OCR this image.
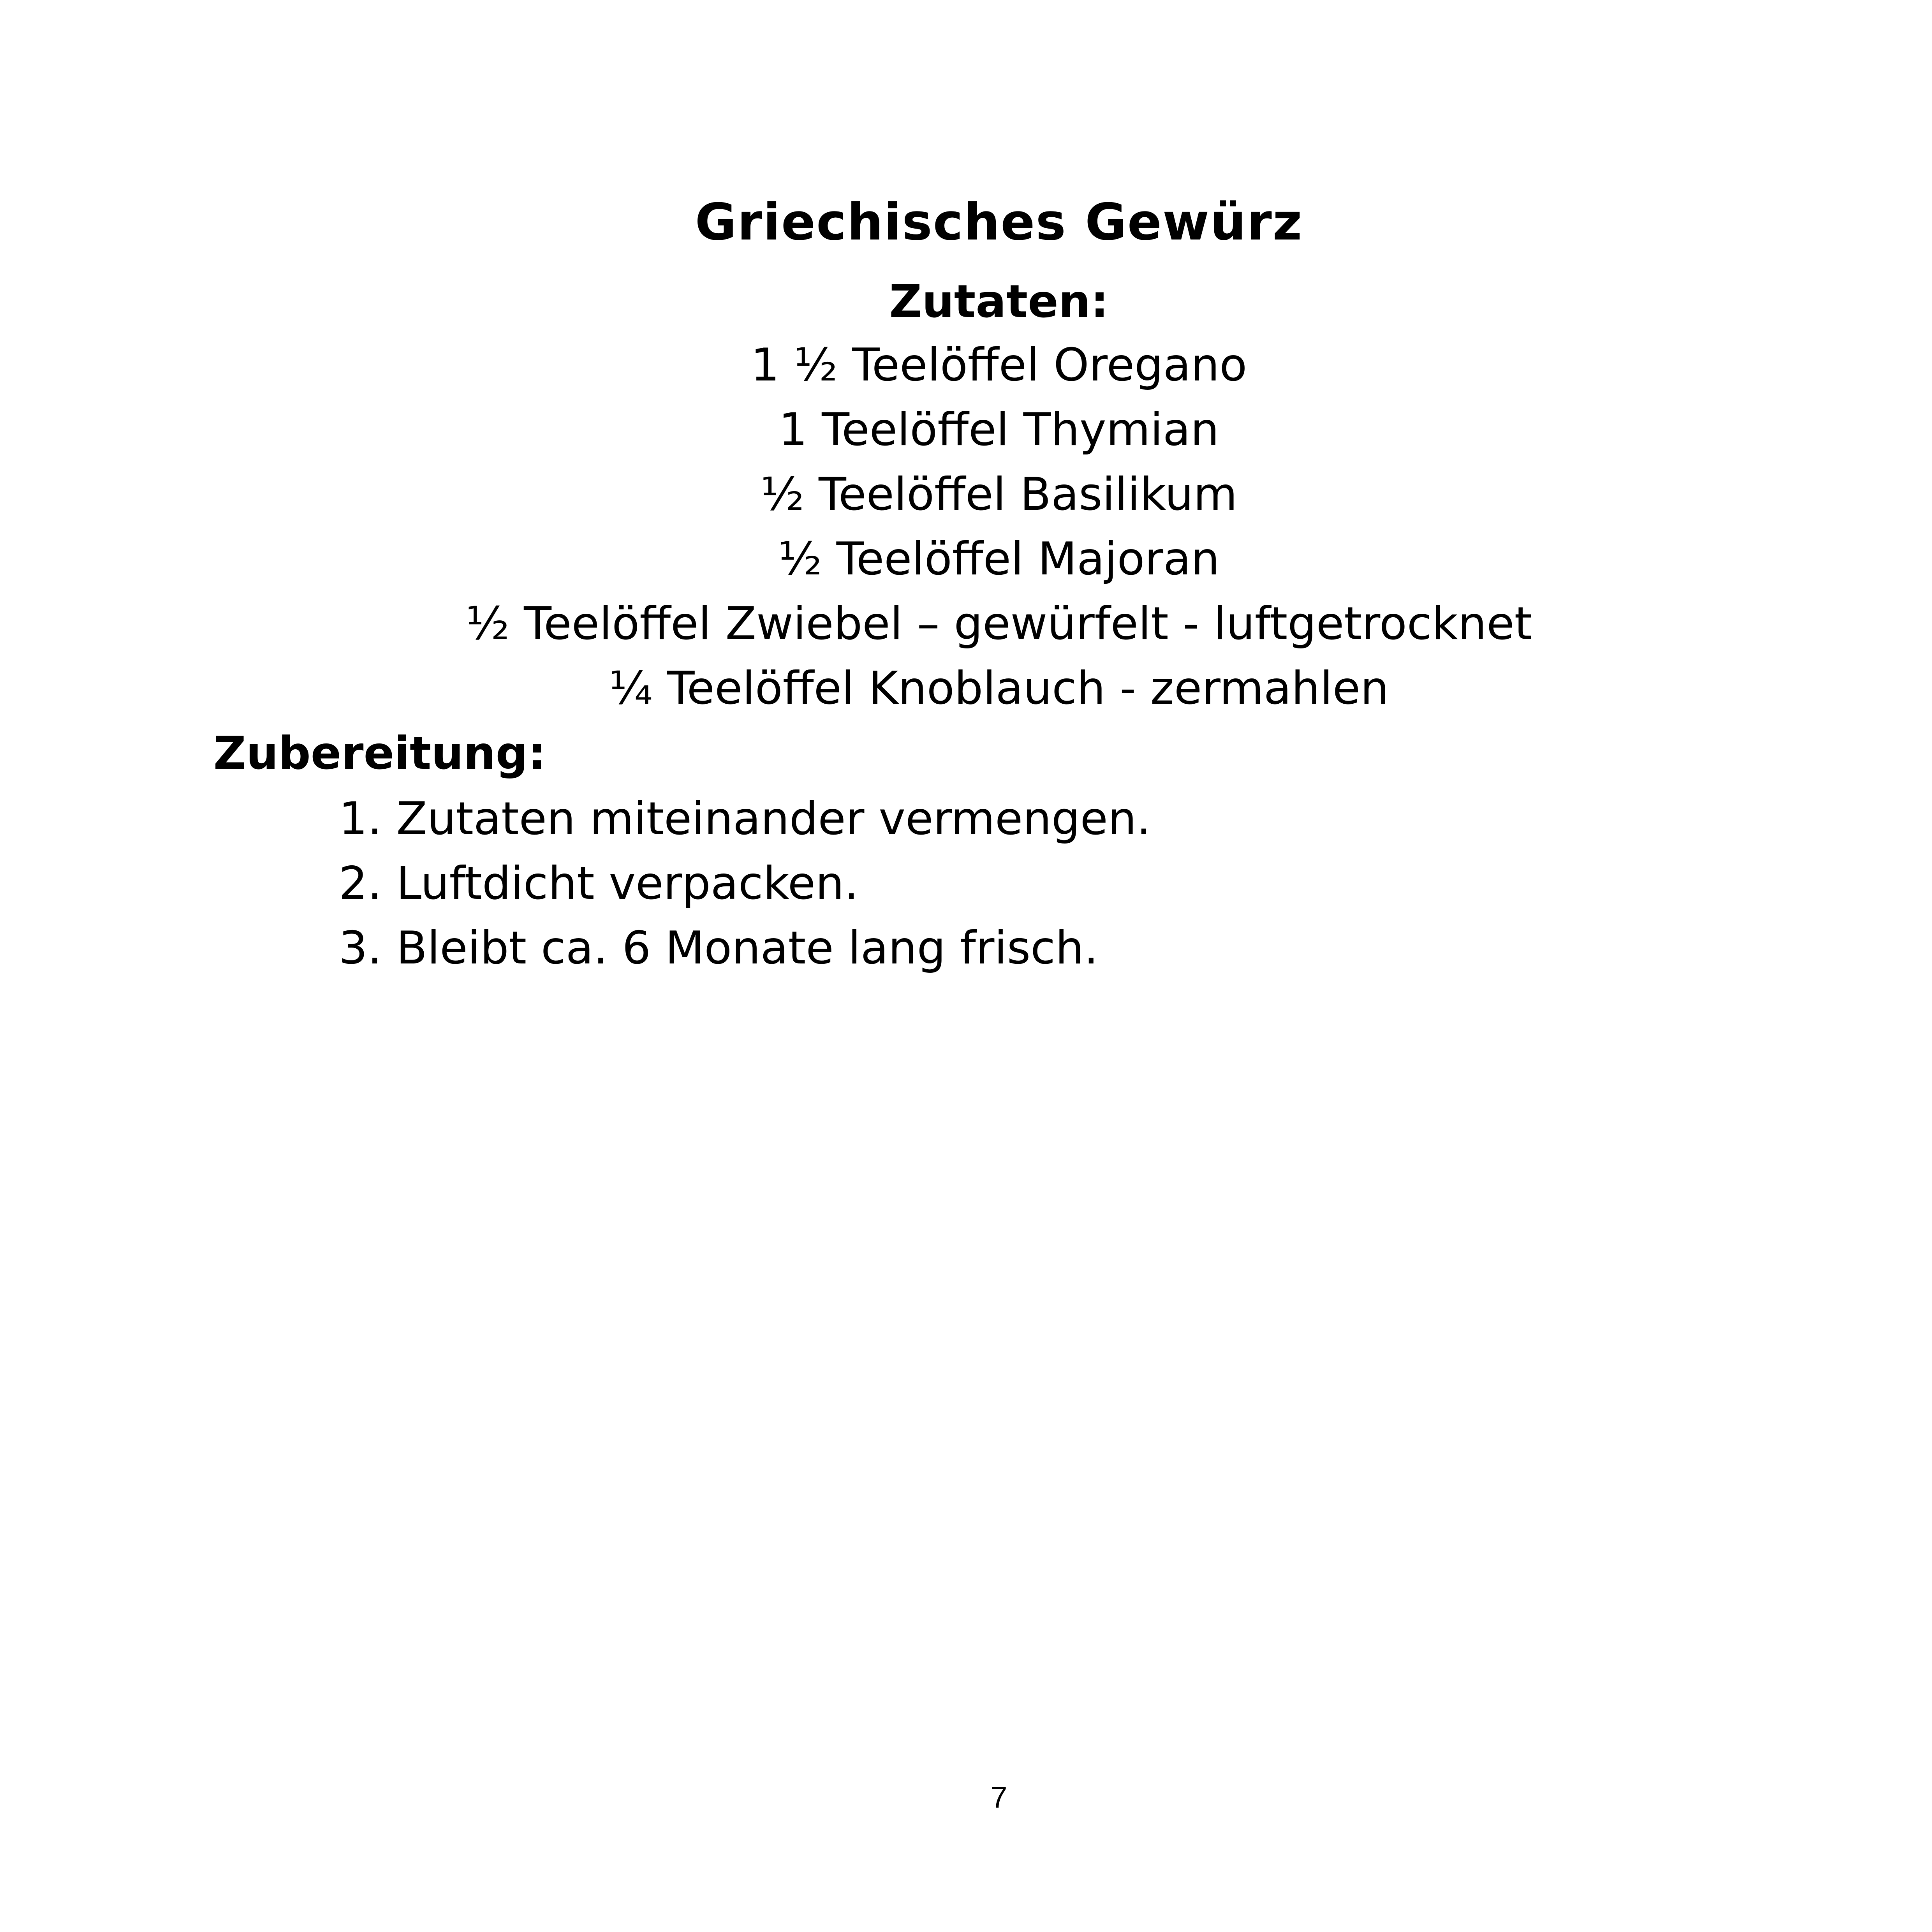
Griechisches Gewürz
Zutaten:
1 ½ Teelöffel Oregano
1 Teelöffel Thymian
½ Teelöffel Basilikum
½ Teelöffel Majoran
½ Teelöffel Zwiebel – gewürfelt - luftgetrocknet
¼ Teelöffel Knoblauch - zermahlen
Zubereitung:
1. Zutaten miteinander vermengen.
2. Luftdicht verpacken.
3. Bleibt ca. 6 Monate lang frisch.
7
